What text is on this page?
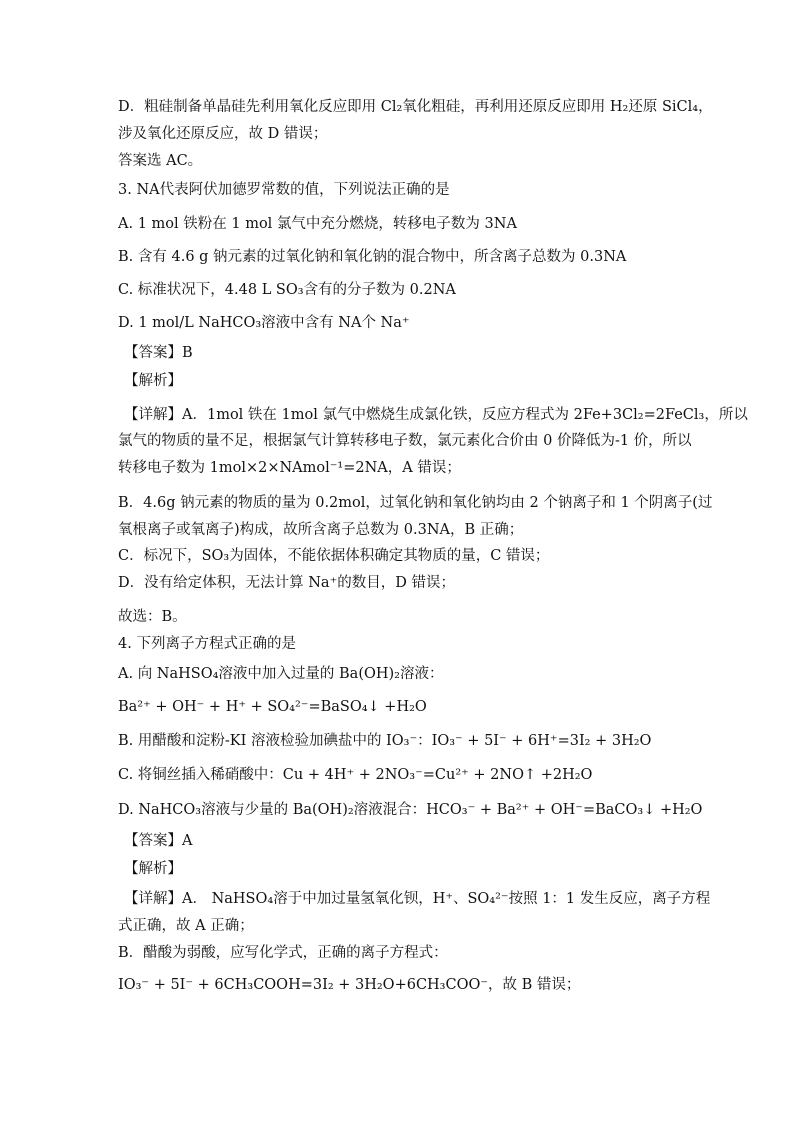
D．粗硅制备单晶硅先利用氧化反应即用 Cl₂氧化粗硅，再利用还原反应即用 H₂还原 SiCl₄，
涉及氧化还原反应，故 D 错误；
答案选 AC。
3. NA代表阿伏加德罗常数的值，下列说法正确的是
A. 1 mol 铁粉在 1 mol 氯气中充分燃烧，转移电子数为 3NA
B. 含有 4.6 g 钠元素的过氧化钠和氧化钠的混合物中，所含离子总数为 0.3NA
C. 标准状况下，4.48 L SO₃含有的分子数为 0.2NA
D. 1 mol/L NaHCO₃溶液中含有 NA个 Na⁺
【答案】B
【解析】
【详解】A．1mol 铁在 1mol 氯气中燃烧生成氯化铁，反应方程式为 2Fe+3Cl₂=2FeCl₃，所以
氯气的物质的量不足，根据氯气计算转移电子数，氯元素化合价由 0 价降低为-1 价，所以
转移电子数为 1mol×2×NAmol⁻¹=2NA，A 错误；
B．4.6g 钠元素的物质的量为 0.2mol，过氧化钠和氧化钠均由 2 个钠离子和 1 个阴离子(过
氧根离子或氧离子)构成，故所含离子总数为 0.3NA，B 正确；
C．标况下，SO₃为固体，不能依据体积确定其物质的量，C 错误；
D．没有给定体积，无法计算 Na⁺的数目，D 错误；
故选：B。
4. 下列离子方程式正确的是
A. 向 NaHSO₄溶液中加入过量的 Ba(OH)₂溶液：
Ba²⁺ + OH⁻ + H⁺ + SO₄²⁻=BaSO₄↓ +H₂O
B. 用醋酸和淀粉-KI 溶液检验加碘盐中的 IO₃⁻：IO₃⁻ + 5I⁻ + 6H⁺=3I₂ + 3H₂O
C. 将铜丝插入稀硝酸中：Cu + 4H⁺ + 2NO₃⁻=Cu²⁺ + 2NO↑ +2H₂O
D. NaHCO₃溶液与少量的 Ba(OH)₂溶液混合：HCO₃⁻ + Ba²⁺ + OH⁻=BaCO₃↓ +H₂O
【答案】A
【解析】
【详解】A． NaHSO₄溶于中加过量氢氧化钡，H⁺、SO₄²⁻按照 1：1 发生反应，离子方程
式正确，故 A 正确；
B．醋酸为弱酸，应写化学式，正确的离子方程式：
IO₃⁻ + 5I⁻ + 6CH₃COOH=3I₂ + 3H₂O+6CH₃COO⁻，故 B 错误；
